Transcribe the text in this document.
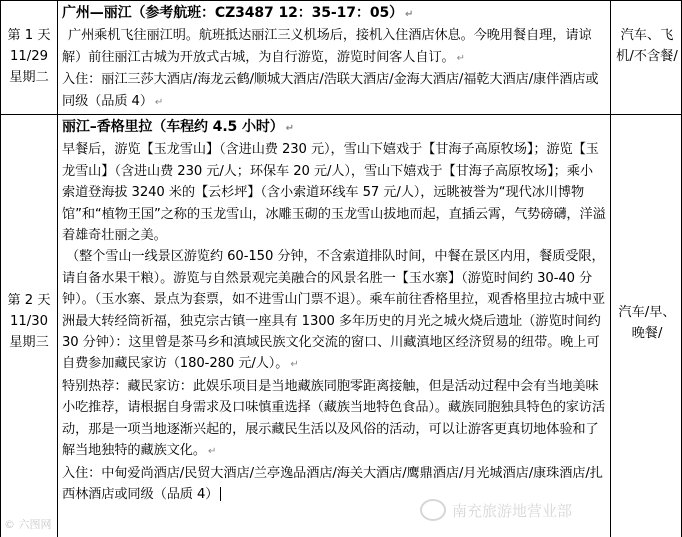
第 1 天
11/29
星期二
广州—丽江（参考航班：CZ3487 12：35-17：05） ↵
广州乘机飞往丽江明。航班抵达丽江三义机场后，接机入住酒店休息。今晚用餐自理，请谅解）前往丽江古城为开放式古城，为自行游览，游览时间客人自订。 ↵
入住：丽江三莎大酒店/海龙云鹤/顺城大酒店/浩联大酒店/金海大酒店/福乾大酒店/康伴酒店或同级（品质 4） ↵
汽车、飞机/不含餐/
第 2 天
11/30
星期三
丽江–香格里拉（车程约 4.5 小时） ↵
早餐后，游览【玉龙雪山】（含进山费 230 元），雪山下嬉戏于【甘海子高原牧场】；游览【玉龙雪山】（含进山费 230 元/人；环保车 20 元/人），雪山下嬉戏于【甘海子高原牧场】；乘小索道登海拔 3240 米的【云杉坪】（含小索道环线车 57 元/人），远眺被誉为“现代冰川博物馆”和“植物王国”之称的玉龙雪山，冰雕玉砌的玉龙雪山拔地而起，直插云霄，气势磅礴，洋溢着雄奇壮丽之美。
（整个雪山一线景区游览约 60-150 分钟，不含索道排队时间，中餐在景区内用，餐质受限，请自备水果干粮）。游览与自然景观完美融合的风景名胜一【玉水寨】（游览时间约 30-40 分钟）。（玉水寨、景点为套票，如不进雪山门票不退）。乘车前往香格里拉，观香格里拉古城中亚洲最大转经筒祈福，独克宗古镇一座具有 1300 多年历史的月光之城火烧后遗址（游览时间约 30 分钟）：这里曾是茶马乡和滇域民族文化交流的窗口、川藏滇地区经济贸易的纽带。晚上可自费参加藏民家访（180-280 元/人）。 ↵
特别热荐：藏民家访：此娱乐项目是当地藏族同胞零距离接触，但是活动过程中会有当地美味小吃推荐，请根据自身需求及口味慎重选择（藏族当地特色食品）。藏族同胞独具特色的家访活动，那是一项当地逐渐兴起的，展示藏民生活以及风俗的活动，可以让游客更真切地体验和了解当地独特的藏族文化。 ↵
入住：中甸爱尚酒店/民贸大酒店/兰亭逸品酒店/海关大酒店/鹰鼎酒店/月光城酒店/康珠酒店/扎西林酒店或同级（品质 4）
汽车/早、
晚餐/
© 六图网
南充旅游地营业部
